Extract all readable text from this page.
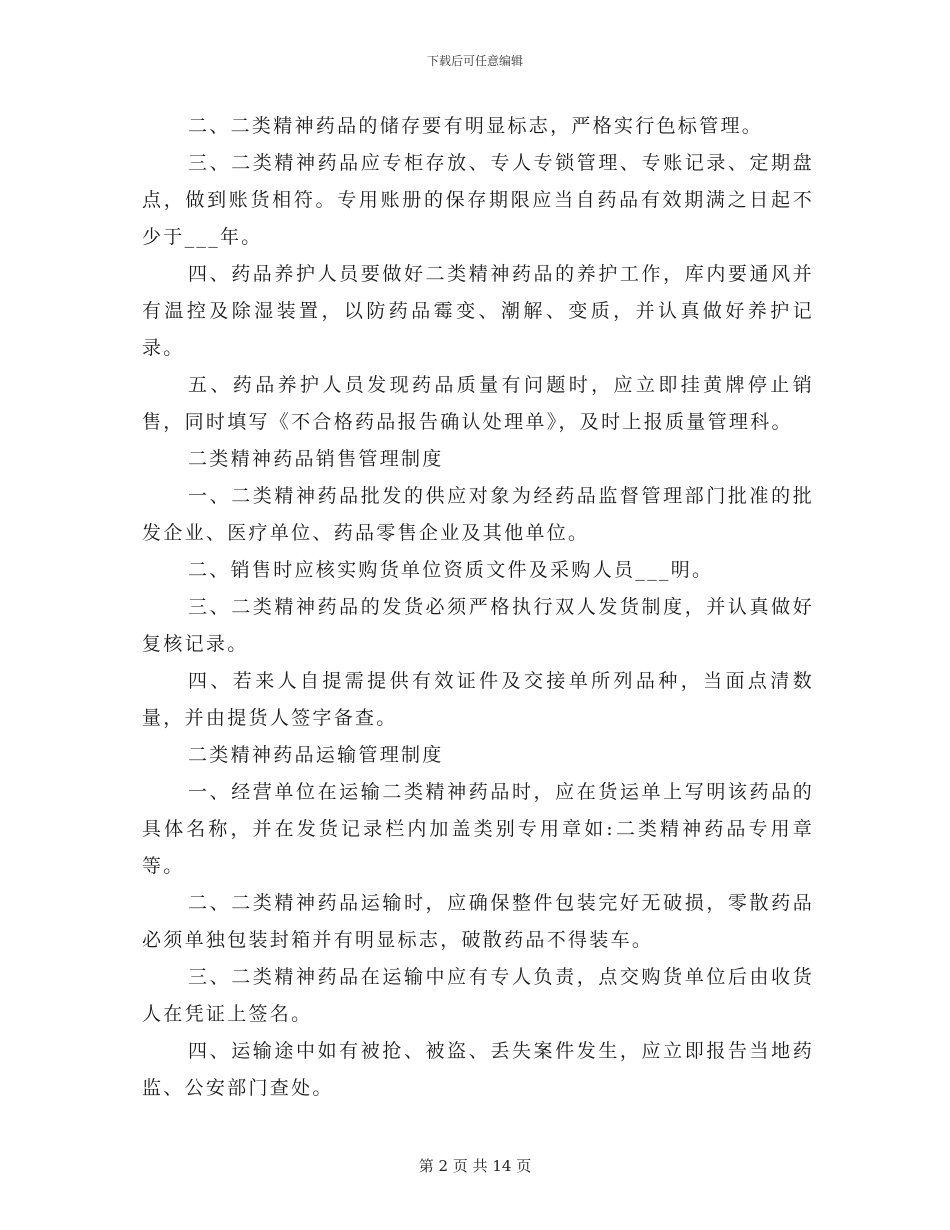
下载后可任意编辑

二、二类精神药品的储存要有明显标志，严格实行色标管理。

三、二类精神药品应专柜存放、专人专锁管理、专账记录、定期盘点，做到账货相符。专用账册的保存期限应当自药品有效期满之日起不少于___年。

四、药品养护人员要做好二类精神药品的养护工作，库内要通风并有温控及除湿装置，以防药品霉变、潮解、变质，并认真做好养护记录。

五、药品养护人员发现药品质量有问题时，应立即挂黄牌停止销售，同时填写《不合格药品报告确认处理单》，及时上报质量管理科。

二类精神药品销售管理制度

一、二类精神药品批发的供应对象为经药品监督管理部门批准的批发企业、医疗单位、药品零售企业及其他单位。

二、销售时应核实购货单位资质文件及采购人员___明。

三、二类精神药品的发货必须严格执行双人发货制度，并认真做好复核记录。

四、若来人自提需提供有效证件及交接单所列品种，当面点清数量，并由提货人签字备查。

二类精神药品运输管理制度

一、经营单位在运输二类精神药品时，应在货运单上写明该药品的具体名称，并在发货记录栏内加盖类别专用章如:二类精神药品专用章等。

二、二类精神药品运输时，应确保整件包装完好无破损，零散药品必须单独包装封箱并有明显标志，破散药品不得装车。

三、二类精神药品在运输中应有专人负责，点交购货单位后由收货人在凭证上签名。

四、运输途中如有被抢、被盗、丢失案件发生，应立即报告当地药监、公安部门查处。

第 2 页 共 14 页
